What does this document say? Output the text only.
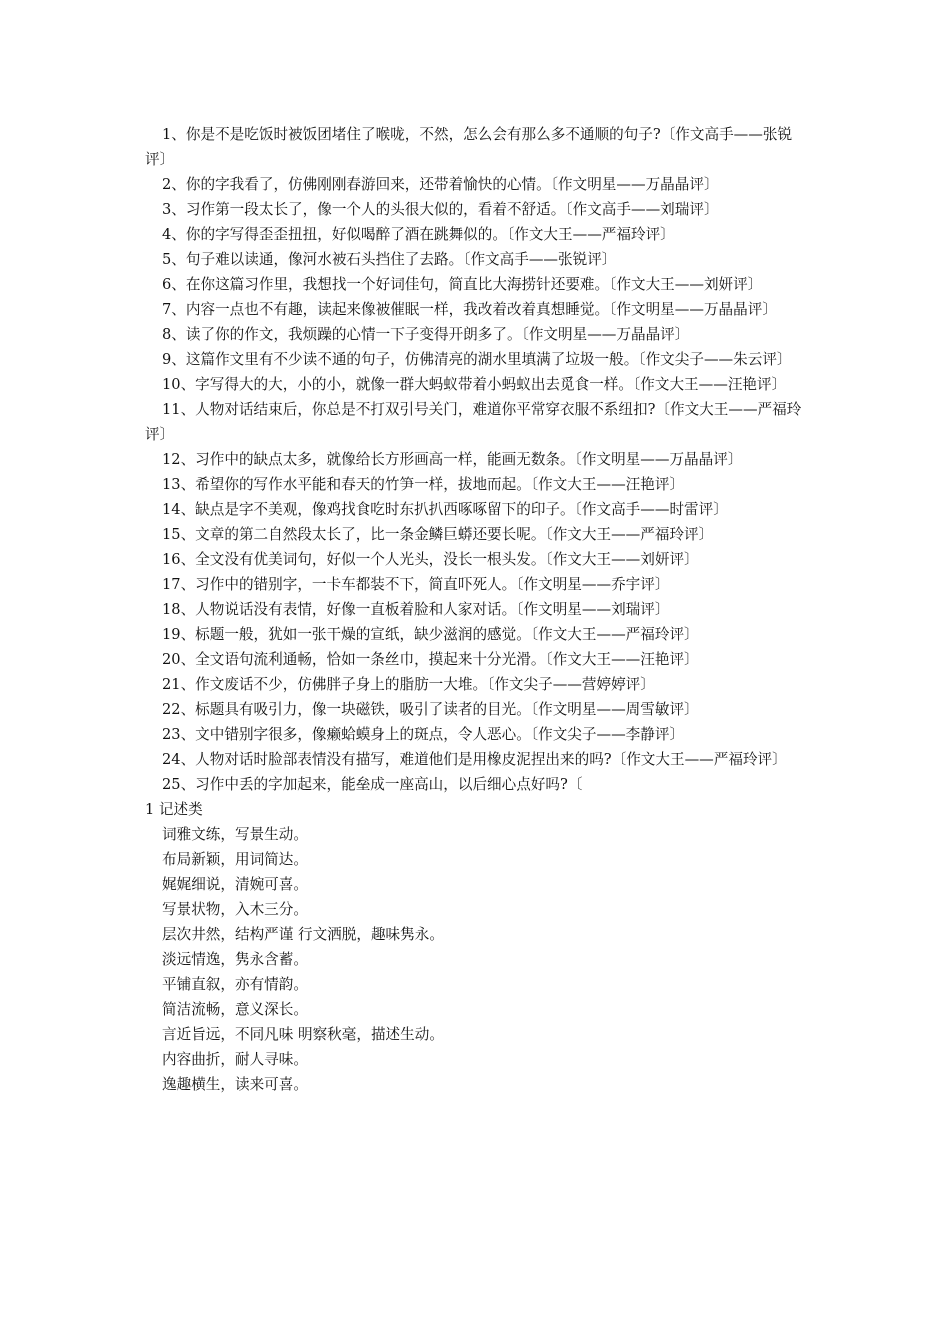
1、你是不是吃饭时被饭团堵住了喉咙，不然，怎么会有那么多不通顺的句子?〔作文高手——张锐评〕
2、你的字我看了，仿佛刚刚春游回来，还带着愉快的心情。〔作文明星——万晶晶评〕
3、习作第一段太长了，像一个人的头很大似的，看着不舒适。〔作文高手——刘瑞评〕
4、你的字写得歪歪扭扭，好似喝醉了酒在跳舞似的。〔作文大王——严福玲评〕
5、句子难以读通，像河水被石头挡住了去路。〔作文高手——张锐评〕
6、在你这篇习作里，我想找一个好词佳句，简直比大海捞针还要难。〔作文大王——刘妍评〕
7、内容一点也不有趣，读起来像被催眠一样，我改着改着真想睡觉。〔作文明星——万晶晶评〕
8、读了你的作文，我烦躁的心情一下子变得开朗多了。〔作文明星——万晶晶评〕
9、这篇作文里有不少读不通的句子，仿佛清亮的湖水里填满了垃圾一般。〔作文尖子——朱云评〕
10、字写得大的大，小的小，就像一群大蚂蚁带着小蚂蚁出去觅食一样。〔作文大王——汪艳评〕
11、人物对话结束后，你总是不打双引号关门，难道你平常穿衣服不系纽扣?〔作文大王——严福玲评〕
12、习作中的缺点太多，就像给长方形画高一样，能画无数条。〔作文明星——万晶晶评〕
13、希望你的写作水平能和春天的竹笋一样，拔地而起。〔作文大王——汪艳评〕
14、缺点是字不美观，像鸡找食吃时东扒扒西啄啄留下的印子。〔作文高手——时雷评〕
15、文章的第二自然段太长了，比一条金鳞巨蟒还要长呢。〔作文大王——严福玲评〕
16、全文没有优美词句，好似一个人光头，没长一根头发。〔作文大王——刘妍评〕
17、习作中的错别字，一卡车都装不下，简直吓死人。〔作文明星——乔宇评〕
18、人物说话没有表情，好像一直板着脸和人家对话。〔作文明星——刘瑞评〕
19、标题一般，犹如一张干燥的宣纸，缺少滋润的感觉。〔作文大王——严福玲评〕
20、全文语句流利通畅，恰如一条丝巾，摸起来十分光滑。〔作文大王——汪艳评〕
21、作文废话不少，仿佛胖子身上的脂肪一大堆。〔作文尖子——营婷婷评〕
22、标题具有吸引力，像一块磁铁，吸引了读者的目光。〔作文明星——周雪敏评〕
23、文中错别字很多，像癞蛤蟆身上的斑点，令人恶心。〔作文尖子——李静评〕
24、人物对话时脸部表情没有描写，难道他们是用橡皮泥捏出来的吗?〔作文大王——严福玲评〕
25、习作中丢的字加起来，能垒成一座高山，以后细心点好吗?〔
1 记述类
词雅文练，写景生动。
布局新颖，用词简达。
娓娓细说，清婉可喜。
写景状物，入木三分。
层次井然，结构严谨 行文洒脱，趣味隽永。
淡远情逸，隽永含蓄。
平铺直叙，亦有情韵。
简洁流畅，意义深长。
言近旨远，不同凡味 明察秋毫，描述生动。
内容曲折，耐人寻味。
逸趣横生，读来可喜。
